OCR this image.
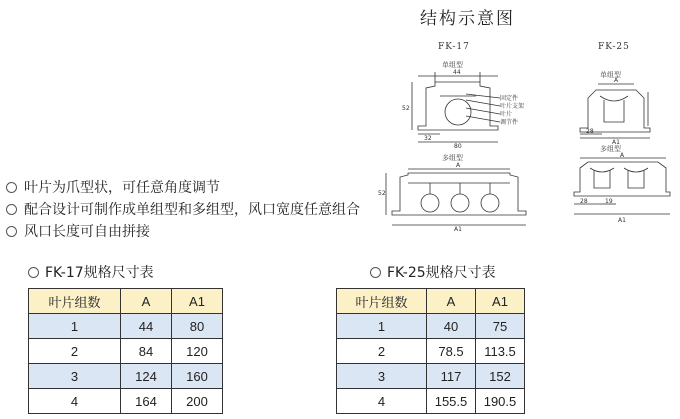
结构示意图
FK-17
单组型
44
52
32
80
固定件
叶片支架
叶片
调节件
多组型
A
52
A1
FK-25
单组型
A
28
A1
多组型
A
28	19
A1
叶片为爪型状，可任意角度调节
配合设计可制作成单组型和多组型，风口宽度任意组合
风口长度可自由拼接
FK-17规格尺寸表	FK-25规格尺寸表
叶片组数	A	A1
1	44	80
2	84	120
3	124	160
4	164	200
叶片组数	A	A1
1	40	75
2	78.5	113.5
3	117	152
4	155.5	190.5
